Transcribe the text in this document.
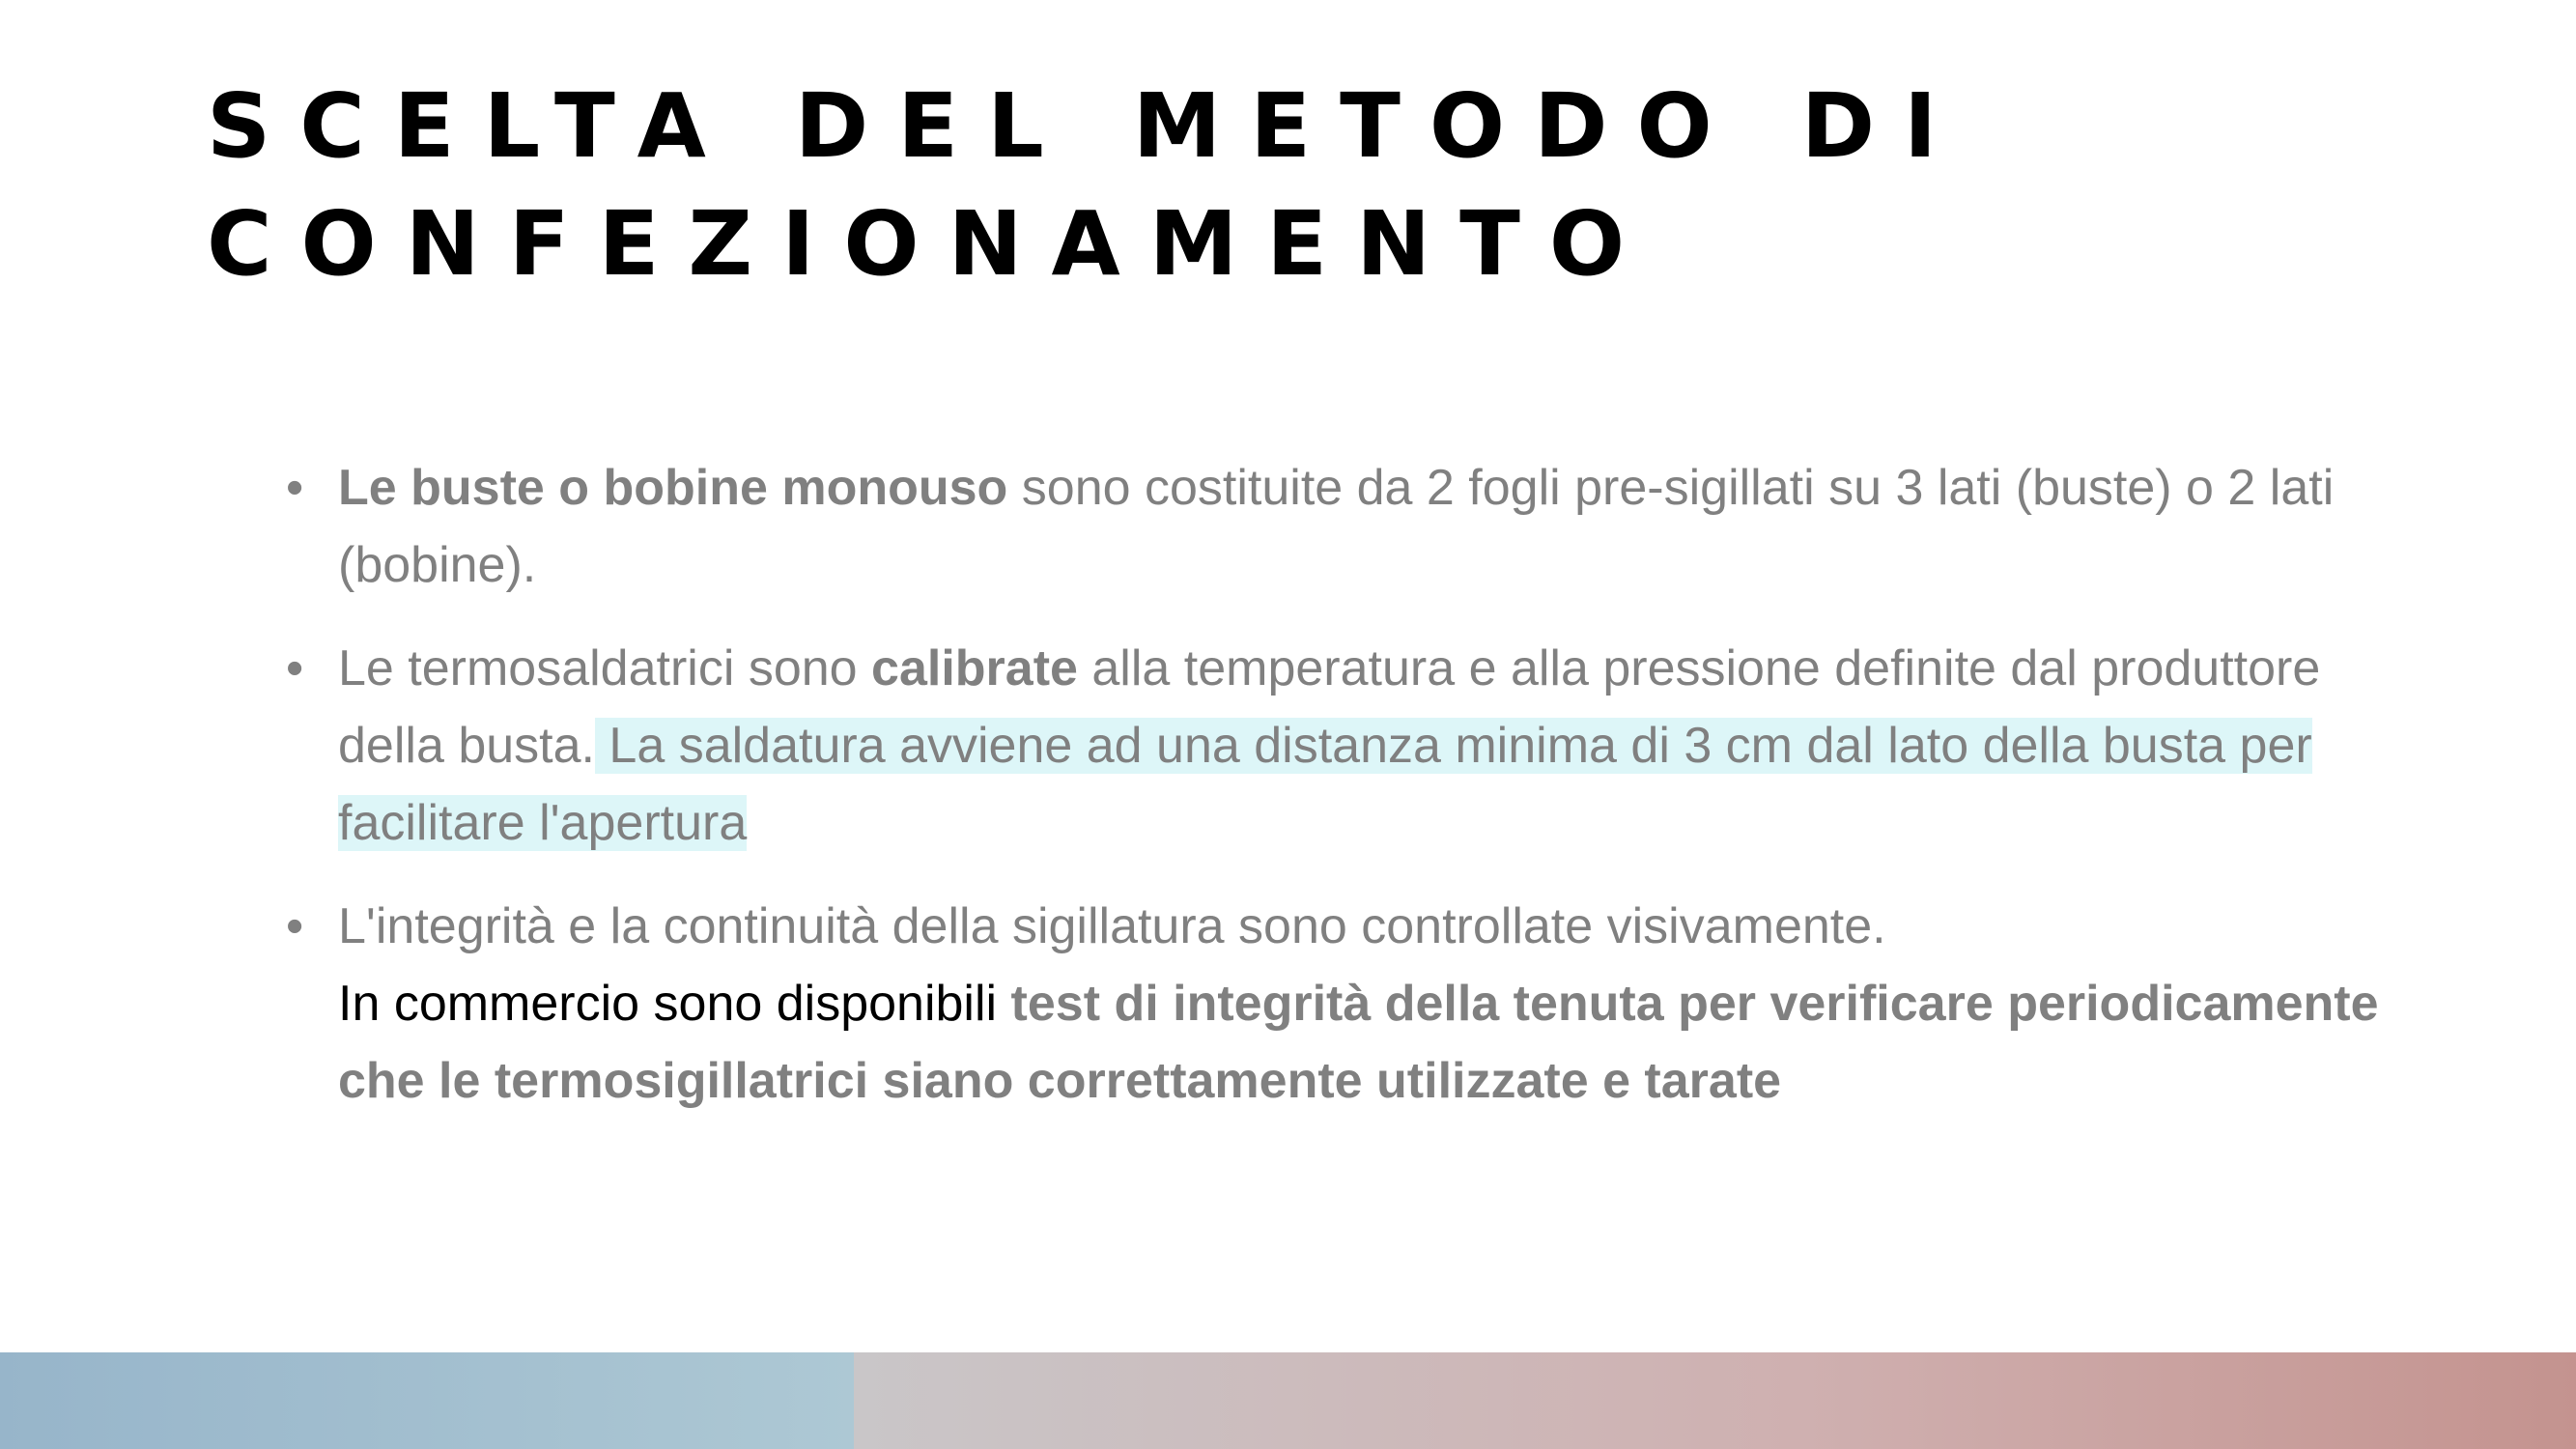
SCELTA DEL METODO DI
CONFEZIONAMENTO
• Le buste o bobine monouso sono costituite da 2 fogli pre-sigillati su 3 lati (buste) o 2 lati (bobine).
• Le termosaldatrici sono calibrate alla temperatura e alla pressione definite dal produttore della busta. La saldatura avviene ad una distanza minima di 3 cm dal lato della busta per facilitare l'apertura
• L'integrità e la continuità della sigillatura sono controllate visivamente.
In commercio sono disponibili test di integrità della tenuta per verificare periodicamente che le termosigillatrici siano correttamente utilizzate e tarate
